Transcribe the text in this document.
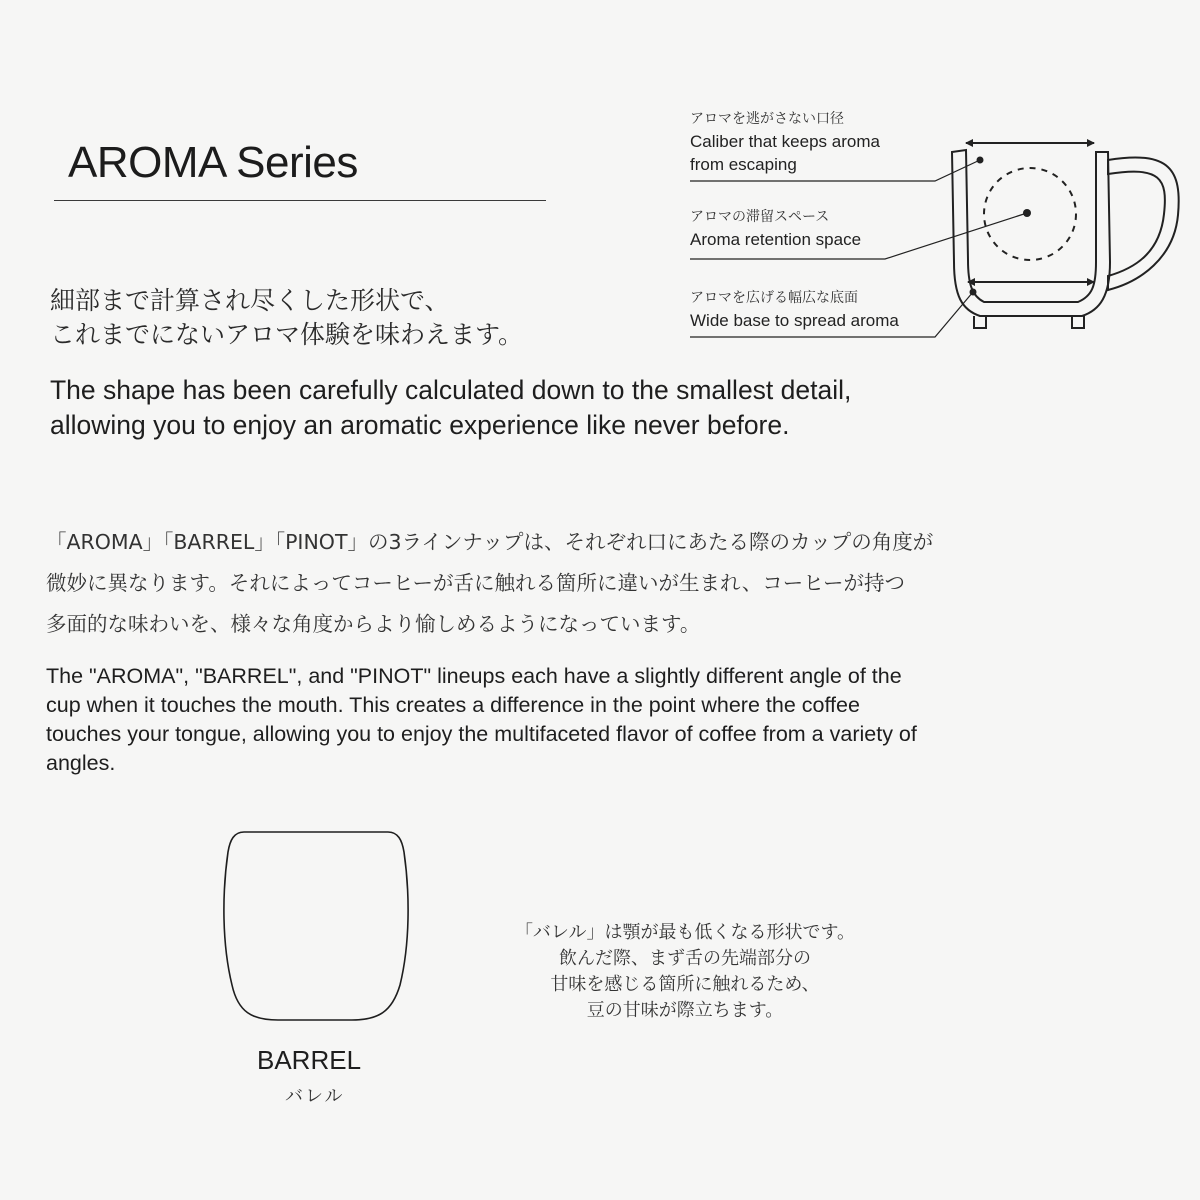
AROMA Series

細部まで計算され尽くした形状で、
これまでにないアロマ体験を味わえます。

The shape has been carefully calculated down to the smallest detail,
allowing you to enjoy an aromatic experience like never before.

アロマを逃がさない口径
Caliber that keeps aroma
from escaping
アロマの滞留スペース
Aroma retention space
アロマを広げる幅広な底面
Wide base to spread aroma

「AROMA」「BARREL」「PINOT」の3ラインナップは、それぞれ口にあたる際のカップの角度が
微妙に異なります。それによってコーヒーが舌に触れる箇所に違いが生まれ、コーヒーが持つ
多面的な味わいを、様々な角度からより愉しめるようになっています。

The "AROMA", "BARREL", and "PINOT" lineups each have a slightly different angle of the
cup when it touches the mouth. This creates a difference in the point where the coffee
touches your tongue, allowing you to enjoy the multifaceted flavor of coffee from a variety of
angles.

BARREL

バレル

「バレル」は顎が最も低くなる形状です。
飲んだ際、まず舌の先端部分の
甘味を感じる箇所に触れるため、
豆の甘味が際立ちます。
